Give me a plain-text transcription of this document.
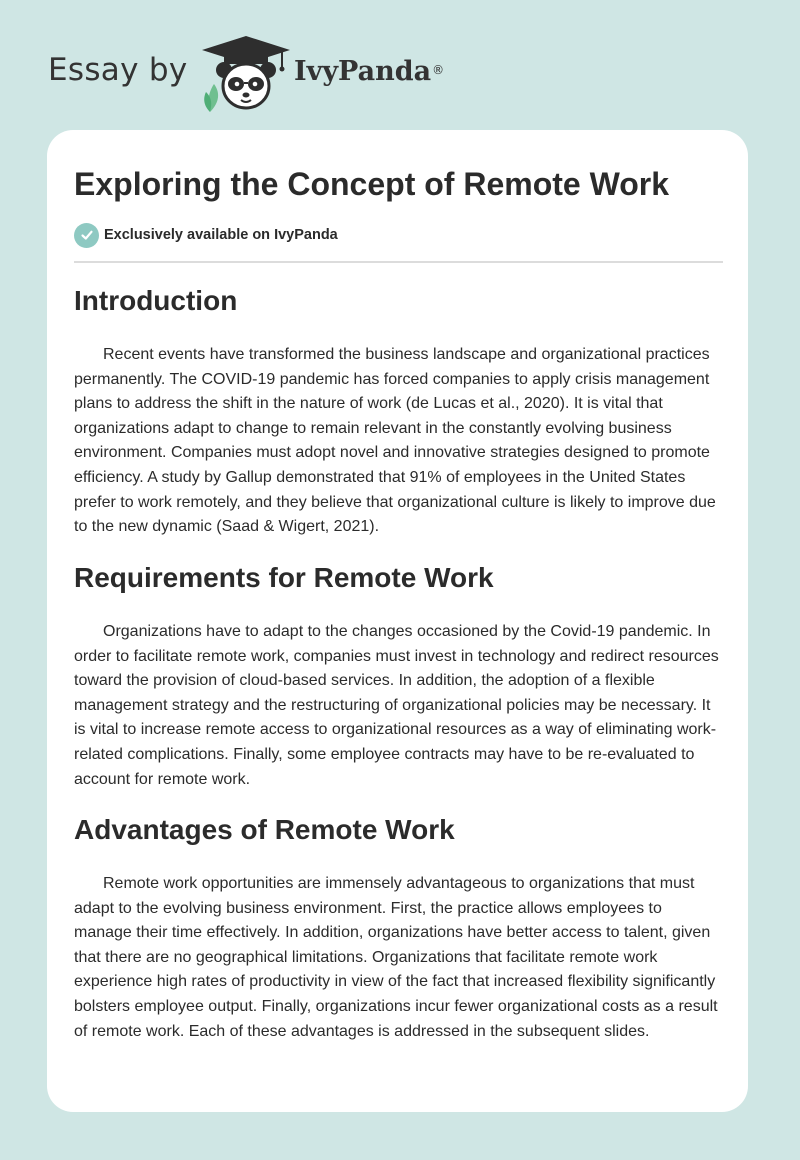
Essay by	IvyPanda®
Exploring the Concept of Remote Work
Exclusively available on IvyPanda
Introduction

Recent events have transformed the business landscape and organizational practices permanently. The COVID-19 pandemic has forced companies to apply crisis management plans to address the shift in the nature of work (de Lucas et al., 2020). It is vital that organizations adapt to change to remain relevant in the constantly evolving business environment. Companies must adopt novel and innovative strategies designed to promote efficiency. A study by Gallup demonstrated that 91% of employees in the United States prefer to work remotely, and they believe that organizational culture is likely to improve due to the new dynamic (Saad & Wigert, 2021).

Requirements for Remote Work

Organizations have to adapt to the changes occasioned by the Covid-19 pandemic. In order to facilitate remote work, companies must invest in technology and redirect resources toward the provision of cloud-based services. In addition, the adoption of a flexible management strategy and the restructuring of organizational policies may be necessary. It is vital to increase remote access to organizational resources as a way of eliminating work-related complications. Finally, some employee contracts may have to be re-evaluated to account for remote work.

Advantages of Remote Work

Remote work opportunities are immensely advantageous to organizations that must adapt to the evolving business environment. First, the practice allows employees to manage their time effectively. In addition, organizations have better access to talent, given that there are no geographical limitations. Organizations that facilitate remote work experience high rates of productivity in view of the fact that increased flexibility significantly bolsters employee output. Finally, organizations incur fewer organizational costs as a result of remote work. Each of these advantages is addressed in the subsequent slides.
